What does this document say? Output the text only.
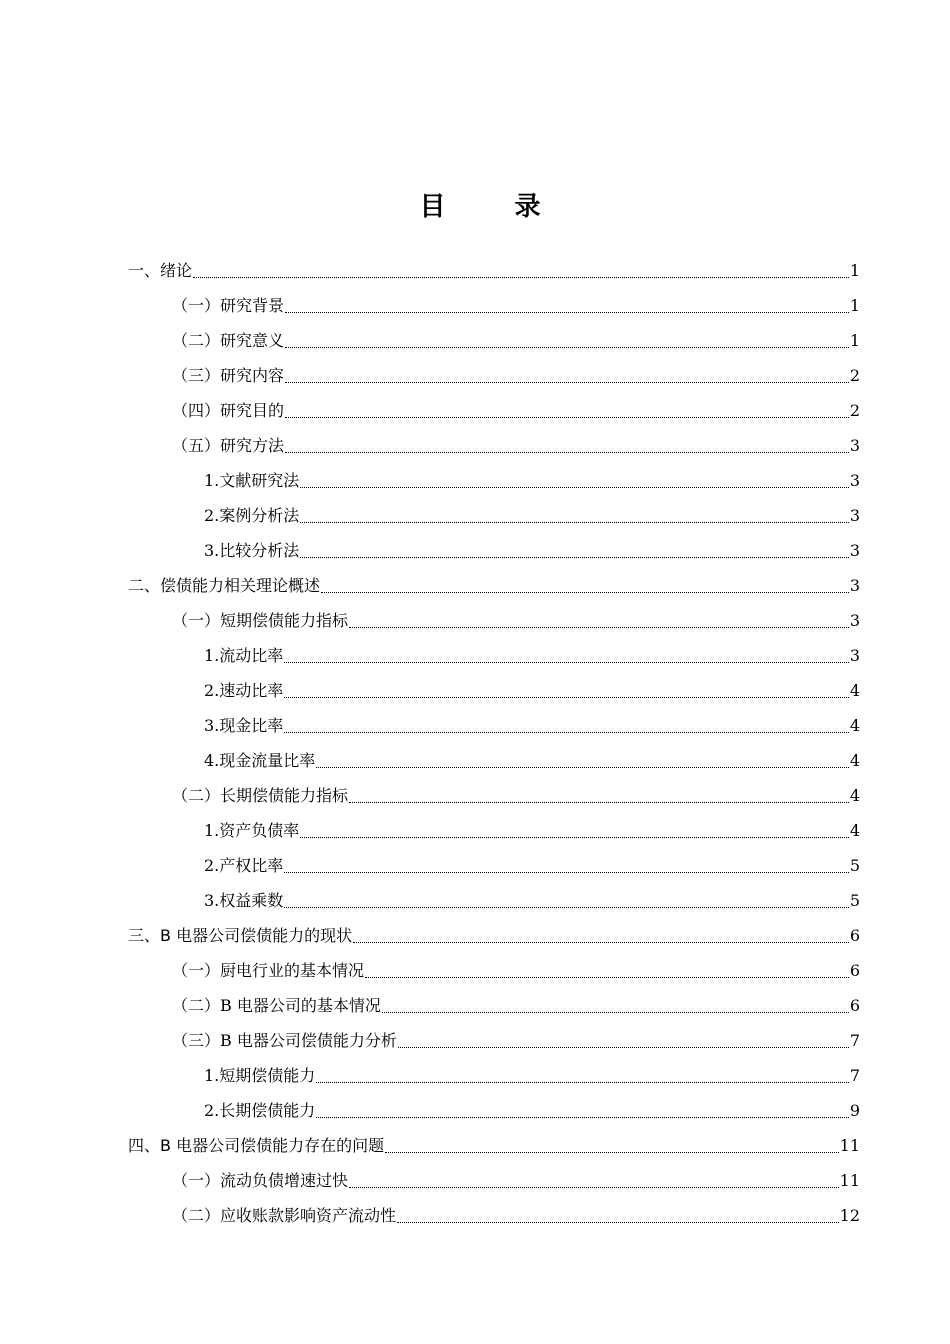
目 录
一、绪论	1
（一）研究背景	1
（二）研究意义	1
（三）研究内容	2
（四）研究目的	2
（五）研究方法	3
1.文献研究法	3
2.案例分析法	3
3.比较分析法	3
二、偿债能力相关理论概述	3
（一）短期偿债能力指标	3
1.流动比率	3
2.速动比率	4
3.现金比率	4
4.现金流量比率	4
（二）长期偿债能力指标	4
1.资产负债率	4
2.产权比率	5
3.权益乘数	5
三、B 电器公司偿债能力的现状	6
（一）厨电行业的基本情况	6
（二）B 电器公司的基本情况	6
（三）B 电器公司偿债能力分析	7
1.短期偿债能力	7
2.长期偿债能力	9
四、B 电器公司偿债能力存在的问题	11
（一）流动负债增速过快	11
（二）应收账款影响资产流动性	12
